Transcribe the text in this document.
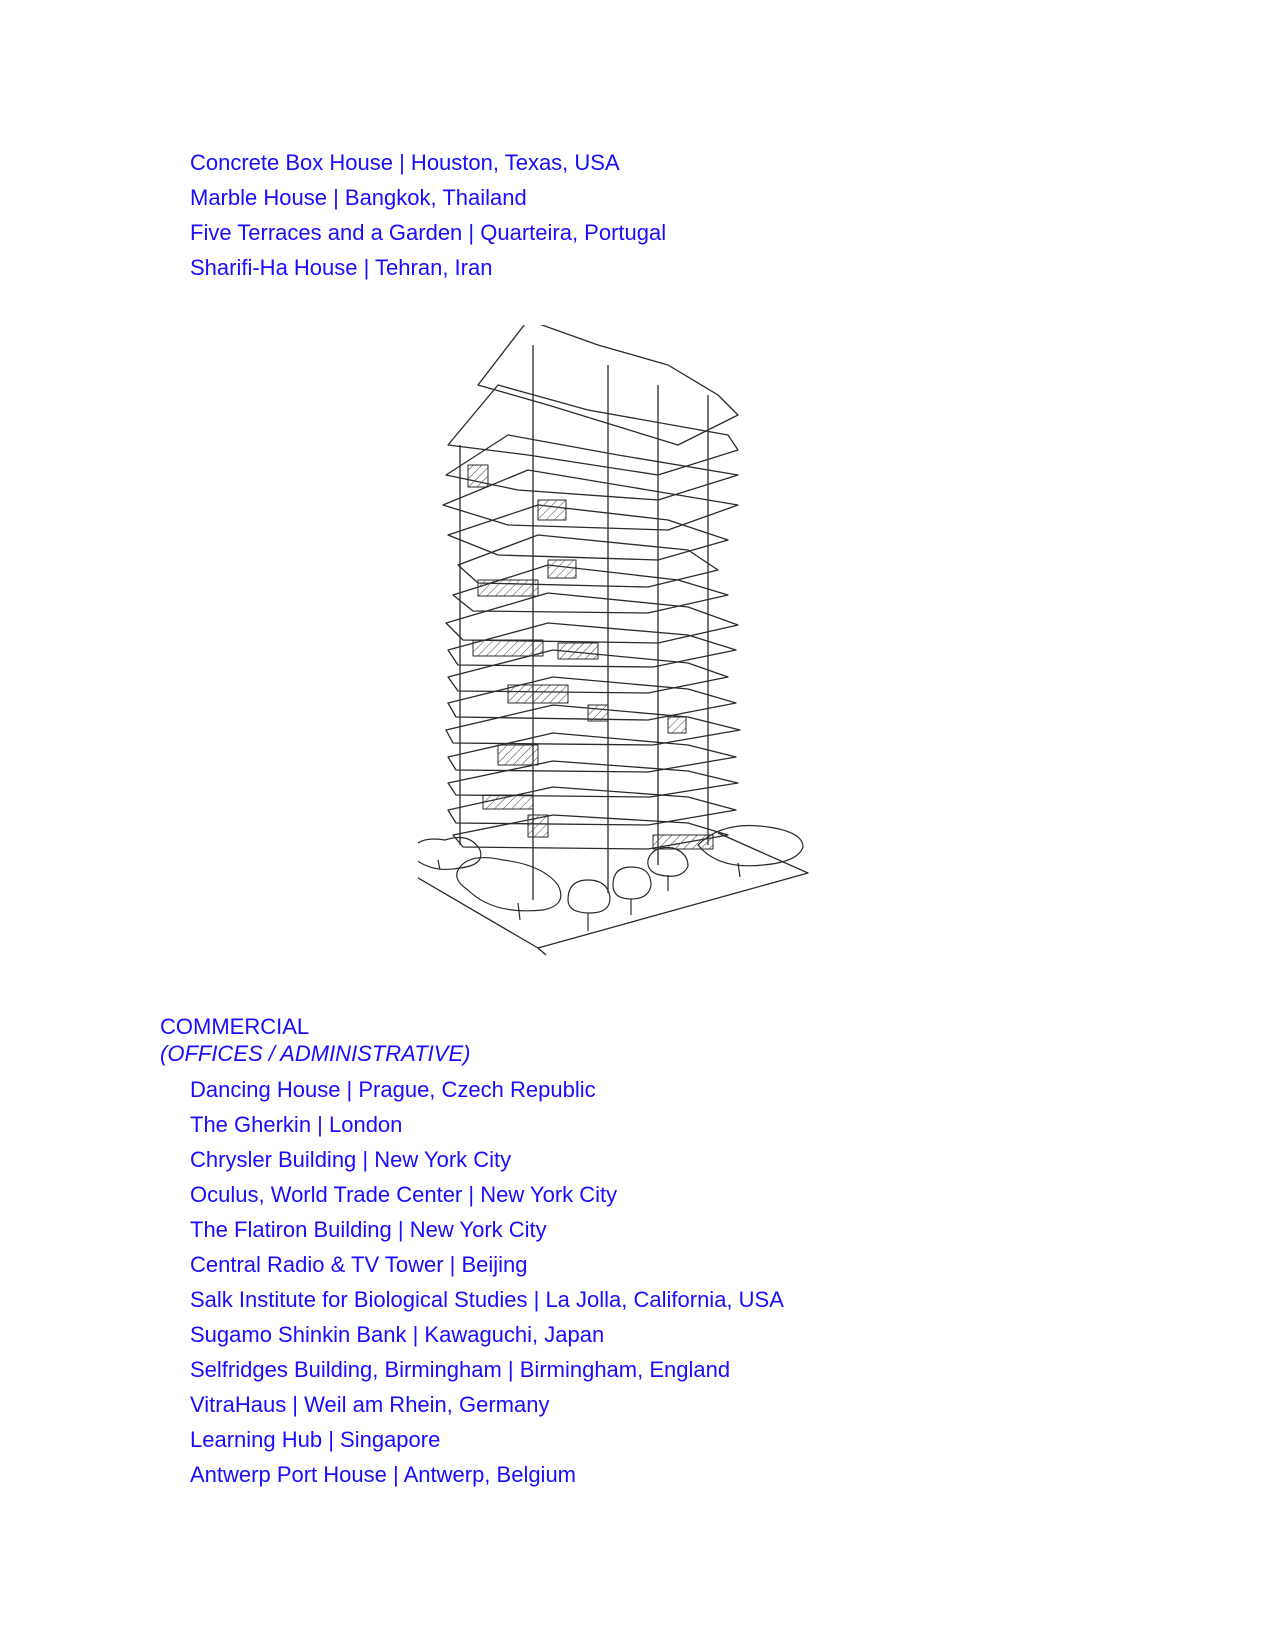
Concrete Box House | Houston, Texas, USA
Marble House | Bangkok, Thailand
Five Terraces and a Garden | Quarteira, Portugal
Sharifi-Ha House | Tehran, Iran
COMMERCIAL
(OFFICES / ADMINISTRATIVE)
Dancing House | Prague, Czech Republic
The Gherkin | London
Chrysler Building | New York City
Oculus, World Trade Center | New York City
The Flatiron Building | New York City
Central Radio & TV Tower | Beijing
Salk Institute for Biological Studies | La Jolla, California, USA
Sugamo Shinkin Bank | Kawaguchi, Japan
Selfridges Building, Birmingham | Birmingham, England
VitraHaus | Weil am Rhein, Germany
Learning Hub | Singapore
Antwerp Port House | Antwerp, Belgium
